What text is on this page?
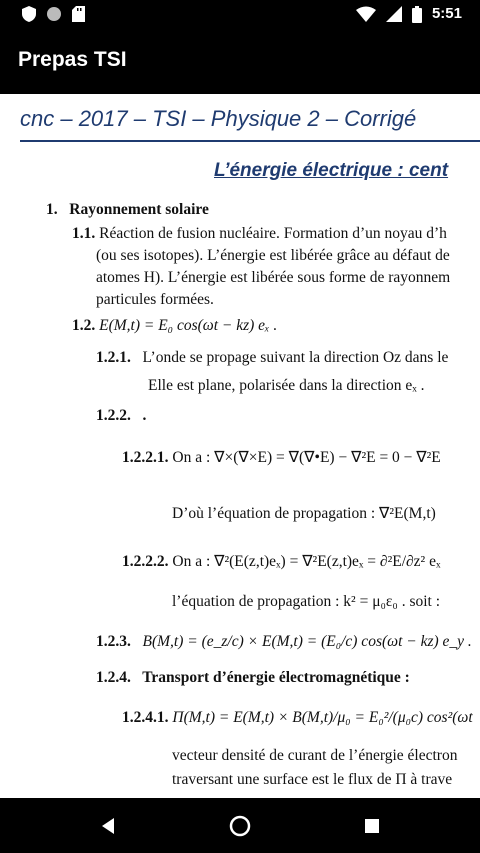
5:51
Prepas TSI
cnc – 2017 – TSI – Physique 2 – Corrigé
L’énergie électrique : cent
1. Rayonnement solaire
1.1. Réaction de fusion nucléaire. Formation d’un noyau d’h
(ou ses isotopes). L’énergie est libérée grâce au défaut de
atomes H). L’énergie est libérée sous forme de rayonnem
particules formées.
1.2. E(M,t) = E₀ cos(ωt − kz) eₓ .
1.2.1. L’onde se propage suivant la direction Oz dans le
Elle est plane, polarisée dans la direction eₓ .
1.2.2. .
1.2.2.1. On a : ∇×(∇×E) = ∇(∇•E) − ∇²E = 0 − ∇²E
D’où l’équation de propagation : ∇²E(M,t)
1.2.2.2. On a : ∇²(E(z,t)eₓ) = ∇²E(z,t)eₓ = ∂²E/∂z² eₓ
l’équation de propagation : k² = μ₀ε₀ . soit :
1.2.3. B(M,t) = (e_z/c) × E(M,t) = (E₀/c) cos(ωt − kz) e_y .
1.2.4. Transport d’énergie électromagnétique :
1.2.4.1. Π(M,t) = E(M,t) × B(M,t)/μ₀ = E₀²/(μ₀c) cos²(ωt
vecteur densité de curant de l’énergie électron
traversant une surface est le flux de Π à trave
